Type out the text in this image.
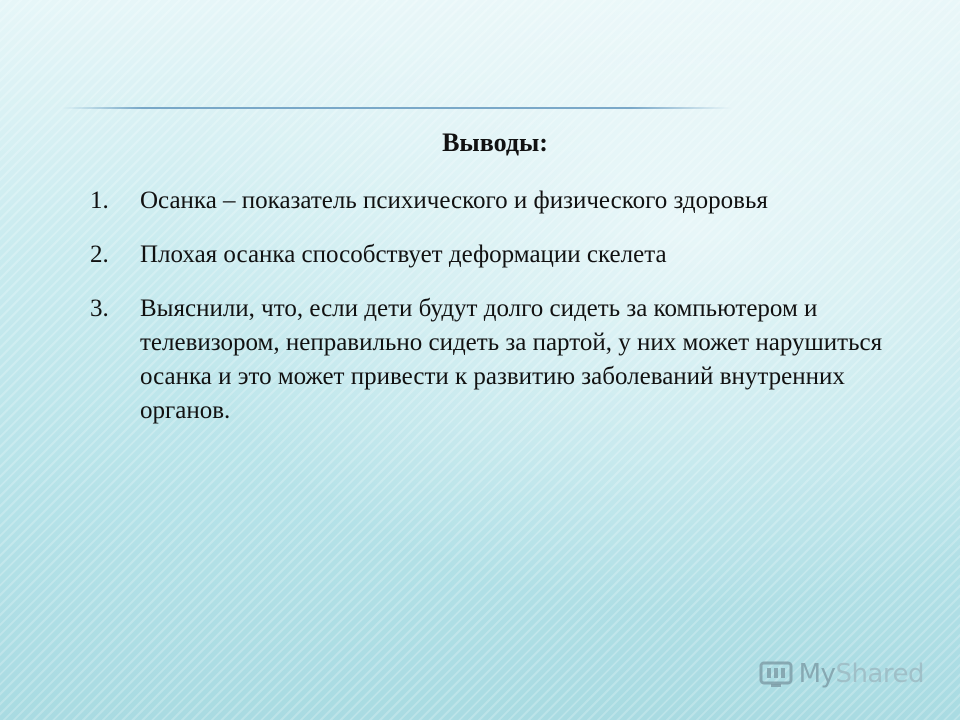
Выводы:
1. Осанка – показатель психического и физического здоровья
2. Плохая осанка способствует деформации скелета
3. Выяснили, что, если дети будут долго сидеть за компьютером и телевизором, неправильно сидеть за партой, у них может нарушиться осанка и это может привести к развитию заболеваний внутренних органов.
MyShared
